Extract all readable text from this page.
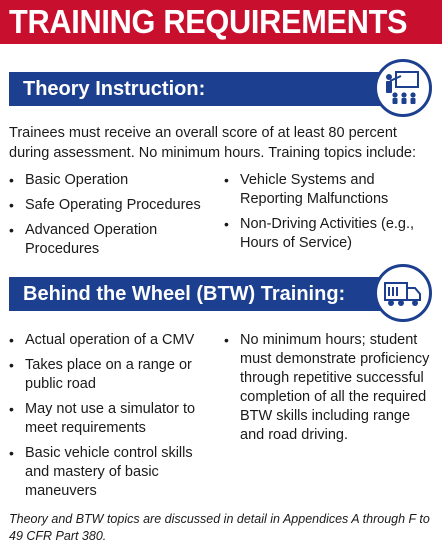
TRAINING REQUIREMENTS
Theory Instruction:
Trainees must receive an overall score of at least 80 percent during assessment. No minimum hours. Training topics include:
• Basic Operation
• Safe Operating Procedures
• Advanced Operation Procedures
• Vehicle Systems and Reporting Malfunctions
• Non-Driving Activities (e.g., Hours of Service)
Behind the Wheel (BTW) Training:
• Actual operation of a CMV
• Takes place on a range or public road
• May not use a simulator to meet requirements
• Basic vehicle control skills and mastery of basic maneuvers
• No minimum hours; student must demonstrate proficiency through repetitive successful completion of all the required BTW skills including range and road driving.
Theory and BTW topics are discussed in detail in Appendices A through F to 49 CFR Part 380.
